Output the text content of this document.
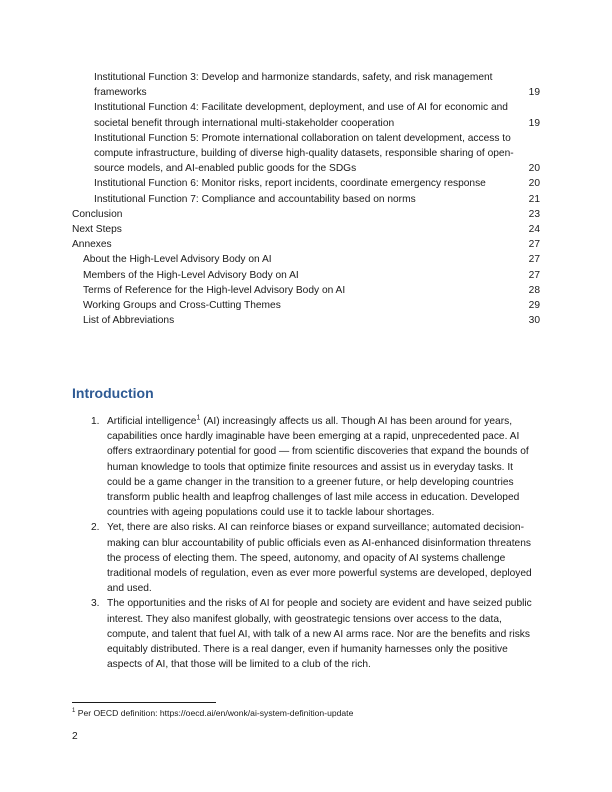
Institutional Function 3: Develop and harmonize standards, safety, and risk management frameworks	19
Institutional Function 4: Facilitate development, deployment, and use of AI for economic and societal benefit through international multi-stakeholder cooperation	19
Institutional Function 5: Promote international collaboration on talent development, access to compute infrastructure, building of diverse high-quality datasets, responsible sharing of open-source models, and AI-enabled public goods for the SDGs	20
Institutional Function 6: Monitor risks, report incidents, coordinate emergency response	20
Institutional Function 7: Compliance and accountability based on norms	21
Conclusion	23
Next Steps	24
Annexes	27
About the High-Level Advisory Body on AI	27
Members of the High-Level Advisory Body on AI	27
Terms of Reference for the High-level Advisory Body on AI	28
Working Groups and Cross-Cutting Themes	29
List of Abbreviations	30
Introduction
1. Artificial intelligence$^1$ (AI) increasingly affects us all. Though AI has been around for years, capabilities once hardly imaginable have been emerging at a rapid, unprecedented pace. AI offers extraordinary potential for good — from scientific discoveries that expand the bounds of human knowledge to tools that optimize finite resources and assist us in everyday tasks. It could be a game changer in the transition to a greener future, or help developing countries transform public health and leapfrog challenges of last mile access in education. Developed countries with ageing populations could use it to tackle labour shortages.
2. Yet, there are also risks. AI can reinforce biases or expand surveillance; automated decision-making can blur accountability of public officials even as AI-enhanced disinformation threatens the process of electing them. The speed, autonomy, and opacity of AI systems challenge traditional models of regulation, even as ever more powerful systems are developed, deployed and used.
3. The opportunities and the risks of AI for people and society are evident and have seized public interest. They also manifest globally, with geostrategic tensions over access to the data, compute, and talent that fuel AI, with talk of a new AI arms race. Nor are the benefits and risks equitably distributed. There is a real danger, even if humanity harnesses only the positive aspects of AI, that those will be limited to a club of the rich.
$^1$ Per OECD definition: https://oecd.ai/en/wonk/ai-system-definition-update
2
